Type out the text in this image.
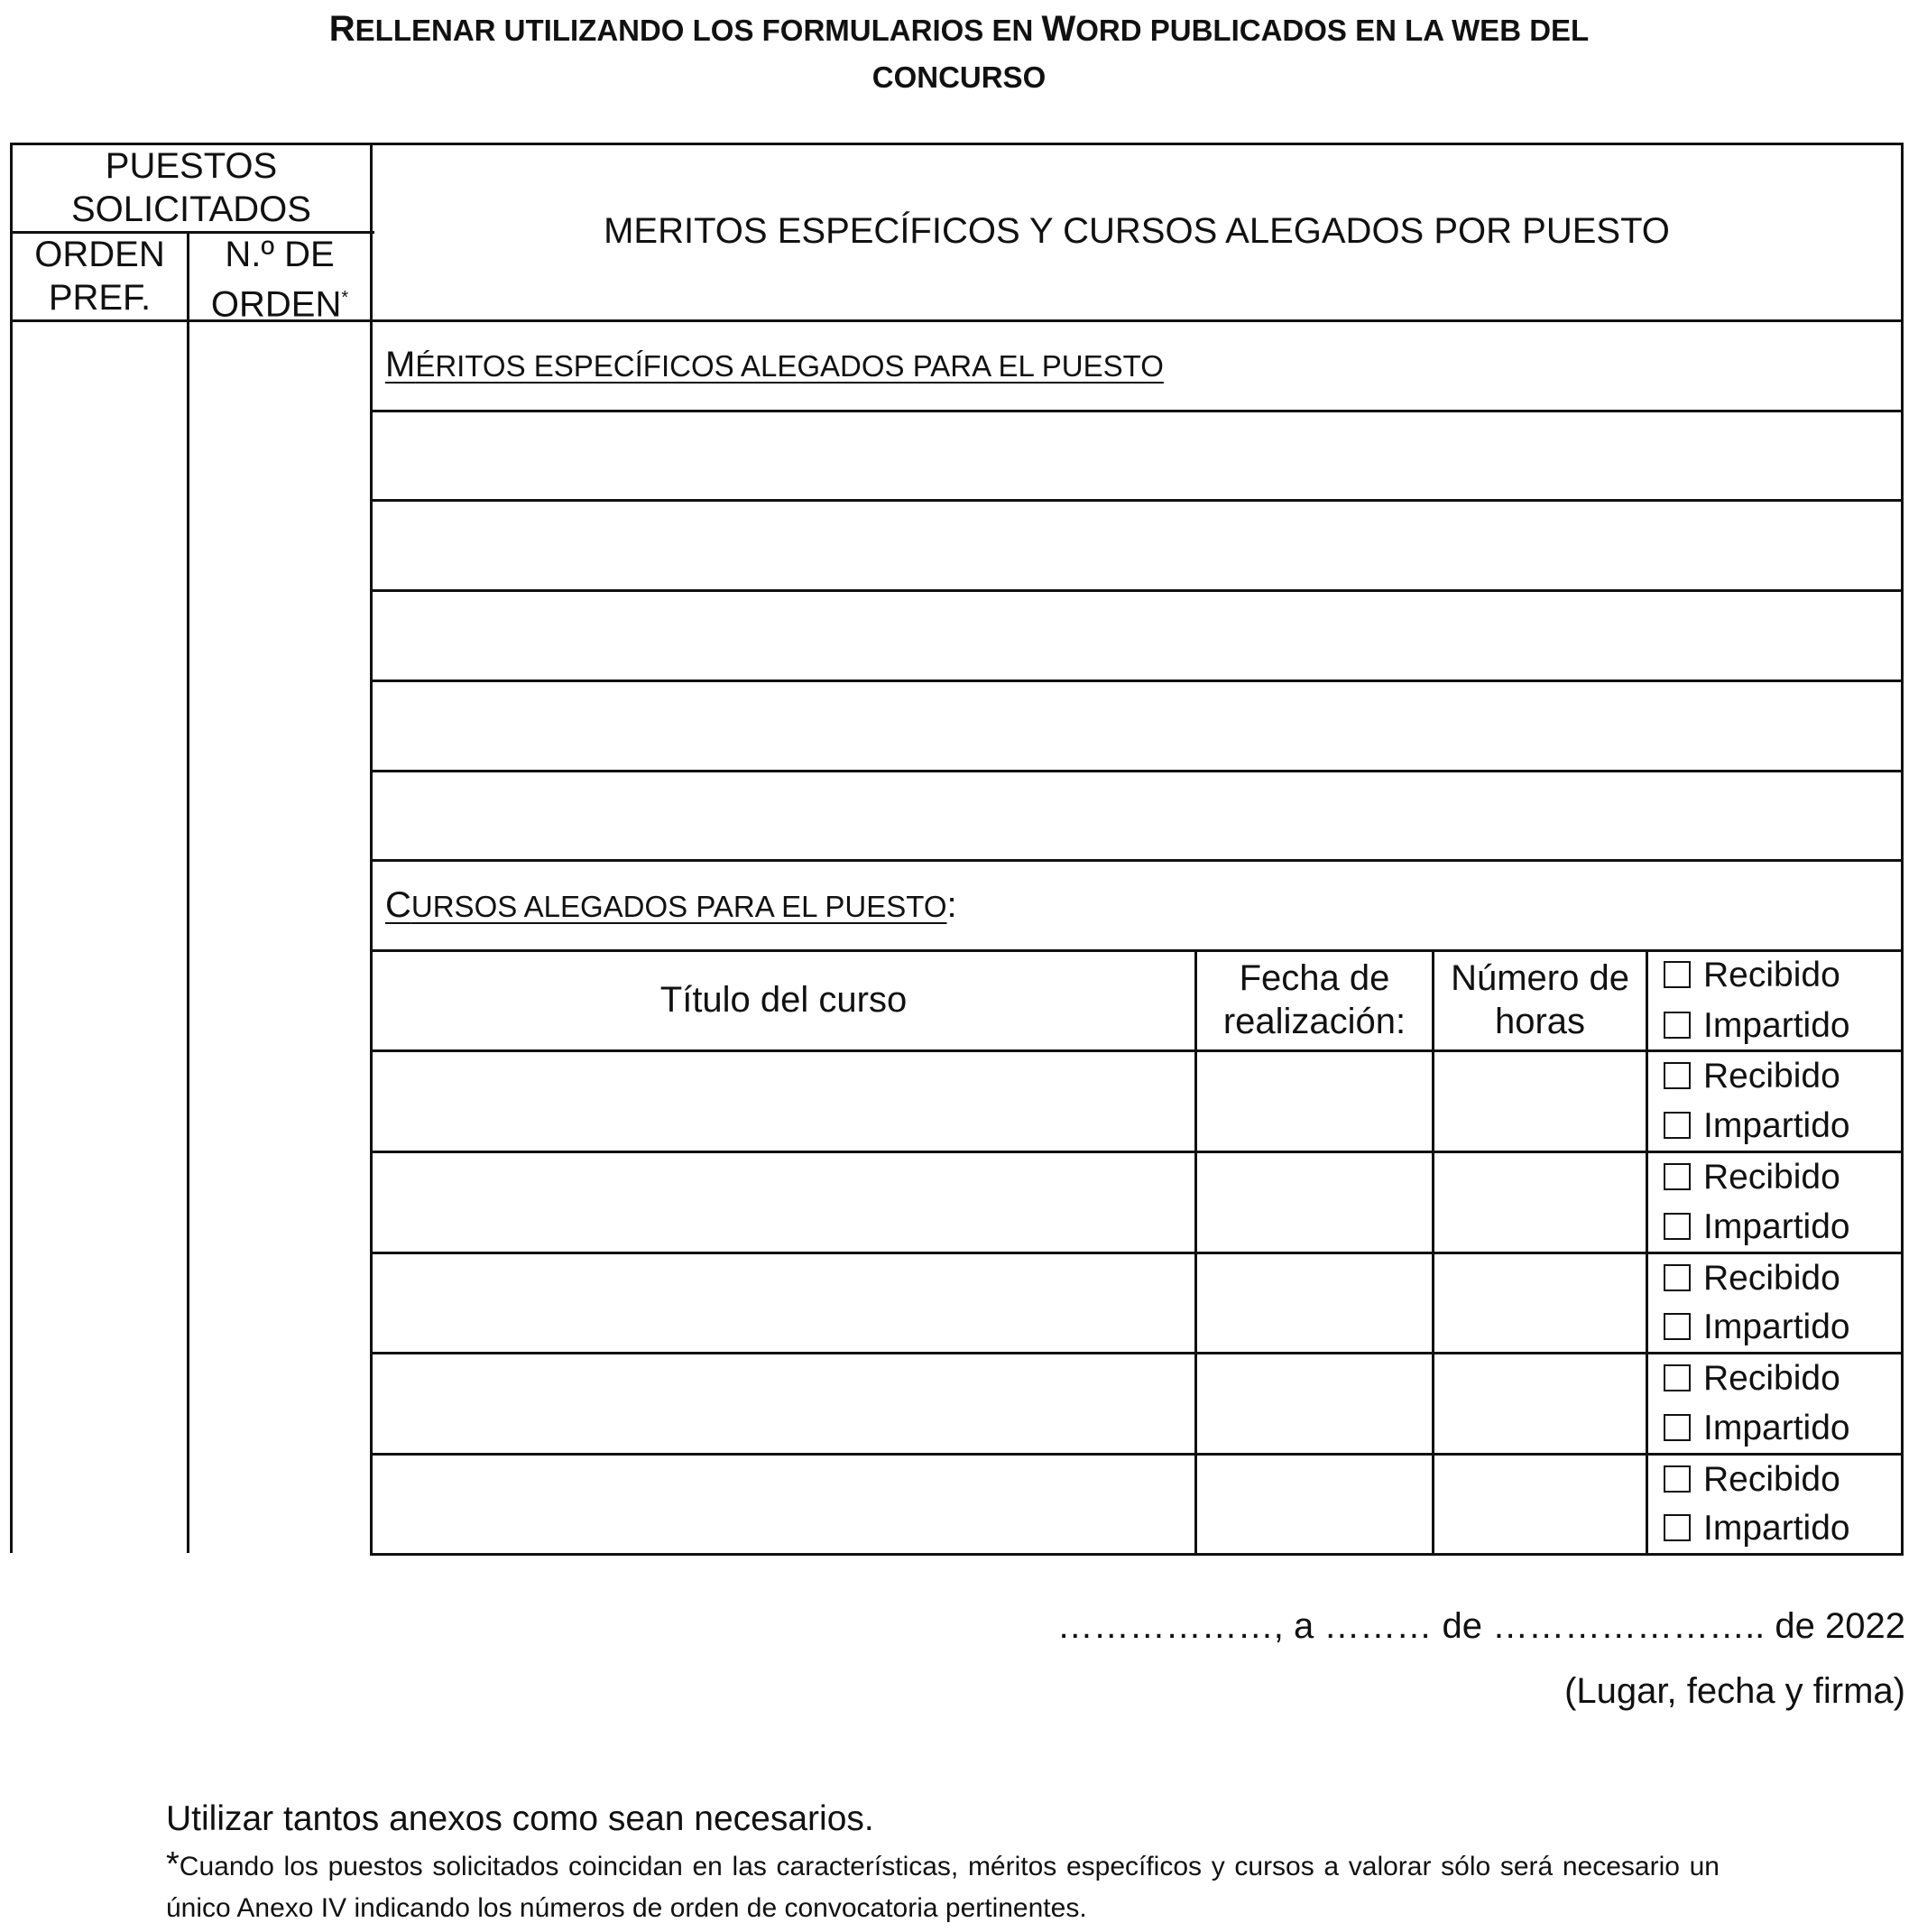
RELLENAR UTILIZANDO LOS FORMULARIOS EN WORD PUBLICADOS EN LA WEB DEL
CONCURSO
PUESTOS SOLICITADOS
ORDEN PREF.
N.º DE ORDEN*
MERITOS ESPECÍFICOS Y CURSOS ALEGADOS POR PUESTO
MÉRITOS ESPECÍFICOS ALEGADOS PARA EL PUESTO
CURSOS ALEGADOS PARA EL PUESTO:
Título del curso
Fecha de realización:
Número de horas
Recibido
Impartido
Recibido
Impartido
Recibido
Impartido
Recibido
Impartido
Recibido
Impartido
Recibido
Impartido
………………, a ……… de ………………….. de 2022
(Lugar, fecha y firma)
Utilizar tantos anexos como sean necesarios.
*Cuando los puestos solicitados coincidan en las características, méritos específicos y cursos a valorar sólo será necesario un único Anexo IV indicando los números de orden de convocatoria pertinentes.
